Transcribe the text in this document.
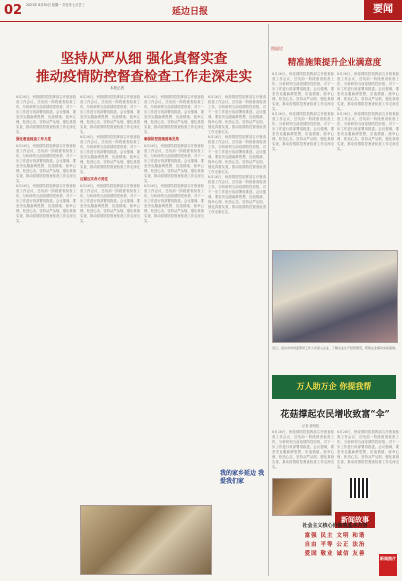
02 2021年 8月30日 星期一 辛丑年七月廿三
延边日报	要闻
坚持从严从细 强化真督实查
推动疫情防控督查检查工作走深走实
本报记者
8月26日，州疫情防控指挥部召开督查检查工作会议，总结前一阶段督查检查工作，分析研判当前疫情防控形势，对下一步工作进行再部署再推进。会议强调，要坚决克服麻痹思想、厌战情绪、侥幸心理、松劲心态，坚持从严从细，强化真督实查，推动疫情防控督查检查工作走深走实。
强化督查检查工作力度
8月26日，州疫情防控指挥部召开督查检查工作会议，总结前一阶段督查检查工作，分析研判当前疫情防控形势，对下一步工作进行再部署再推进。会议强调，要坚决克服麻痹思想、厌战情绪、侥幸心理、松劲心态，坚持从严从细，强化真督实查，推动疫情防控督查检查工作走深走实。
8月26日，州疫情防控指挥部召开督查检查工作会议，总结前一阶段督查检查工作，分析研判当前疫情防控形势，对下一步工作进行再部署再推进。会议强调，要坚决克服麻痹思想、厌战情绪、侥幸心理、松劲心态，坚持从严从细，强化真督实查，推动疫情防控督查检查工作走深走实。
8月26日，州疫情防控指挥部召开督查检查工作会议，总结前一阶段督查检查工作，分析研判当前疫情防控形势，对下一步工作进行再部署再推进。会议强调，要坚决克服麻痹思想、厌战情绪、侥幸心理、松劲心态，坚持从严从细，强化真督实查，推动疫情防控督查检查工作走深走实。
8月26日，州疫情防控指挥部召开督查检查工作会议，总结前一阶段督查检查工作，分析研判当前疫情防控形势，对下一步工作进行再部署再推进。会议强调，要坚决克服麻痹思想、厌战情绪、侥幸心理、松劲心态，坚持从严从细，强化真督实查，推动疫情防控督查检查工作走深走实。
压紧压实各方责任
8月26日，州疫情防控指挥部召开督查检查工作会议，总结前一阶段督查检查工作，分析研判当前疫情防控形势，对下一步工作进行再部署再推进。会议强调，要坚决克服麻痹思想、厌战情绪、侥幸心理、松劲心态，坚持从严从细，强化真督实查，推动疫情防控督查检查工作走深走实。
8月26日，州疫情防控指挥部召开督查检查工作会议，总结前一阶段督查检查工作，分析研判当前疫情防控形势，对下一步工作进行再部署再推进。会议强调，要坚决克服麻痹思想、厌战情绪、侥幸心理、松劲心态，坚持从严从细，强化真督实查，推动疫情防控督查检查工作走深走实。
确保防控措施落地见效
8月26日，州疫情防控指挥部召开督查检查工作会议，总结前一阶段督查检查工作，分析研判当前疫情防控形势，对下一步工作进行再部署再推进。会议强调，要坚决克服麻痹思想、厌战情绪、侥幸心理、松劲心态，坚持从严从细，强化真督实查，推动疫情防控督查检查工作走深走实。
8月26日，州疫情防控指挥部召开督查检查工作会议，总结前一阶段督查检查工作，分析研判当前疫情防控形势，对下一步工作进行再部署再推进。会议强调，要坚决克服麻痹思想、厌战情绪、侥幸心理、松劲心态，坚持从严从细，强化真督实查，推动疫情防控督查检查工作走深走实。
8月26日，州疫情防控指挥部召开督查检查工作会议，总结前一阶段督查检查工作，分析研判当前疫情防控形势，对下一步工作进行再部署再推进。会议强调，要坚决克服麻痹思想、厌战情绪、侥幸心理、松劲心态，坚持从严从细，强化真督实查，推动疫情防控督查检查工作走深走实。
8月26日，州疫情防控指挥部召开督查检查工作会议，总结前一阶段督查检查工作，分析研判当前疫情防控形势，对下一步工作进行再部署再推进。会议强调，要坚决克服麻痹思想、厌战情绪、侥幸心理、松劲心态，坚持从严从细，强化真督实查，推动疫情防控督查检查工作走深走实。
8月26日，州疫情防控指挥部召开督查检查工作会议，总结前一阶段督查检查工作，分析研判当前疫情防控形势，对下一步工作进行再部署再推进。会议强调，要坚决克服麻痹思想、厌战情绪、侥幸心理、松劲心态，坚持从严从细，强化真督实查，推动疫情防控督查检查工作走深走实。
我的家乡延边 我爱我们家
图说话
精准施策提升企业满意度
8月26日，州疫情防控指挥部召开督查检查工作会议，总结前一阶段督查检查工作，分析研判当前疫情防控形势，对下一步工作进行再部署再推进。会议强调，要坚决克服麻痹思想、厌战情绪、侥幸心理、松劲心态，坚持从严从细，强化真督实查，推动疫情防控督查检查工作走深走实。
8月26日，州疫情防控指挥部召开督查检查工作会议，总结前一阶段督查检查工作，分析研判当前疫情防控形势，对下一步工作进行再部署再推进。会议强调，要坚决克服麻痹思想、厌战情绪、侥幸心理、松劲心态，坚持从严从细，强化真督实查，推动疫情防控督查检查工作走深走实。
8月26日，州疫情防控指挥部召开督查检查工作会议，总结前一阶段督查检查工作，分析研判当前疫情防控形势，对下一步工作进行再部署再推进。会议强调，要坚决克服麻痹思想、厌战情绪、侥幸心理、松劲心态，坚持从严从细，强化真督实查，推动疫情防控督查检查工作走深走实。
8月26日，州疫情防控指挥部召开督查检查工作会议，总结前一阶段督查检查工作，分析研判当前疫情防控形势，对下一步工作进行再部署再推进。会议强调，要坚决克服麻痹思想、厌战情绪、侥幸心理、松劲心态，坚持从严从细，强化真督实查，推动疫情防控督查检查工作走深走实。
近日，延吉市市场监管局工作人员深入企业，了解企业生产经营情况，帮助企业解决实际困难。
万人助万企 你提我帮
花菇撑起农民增收致富“伞”
记者 姜明旭
8月26日，州疫情防控指挥部召开督查检查工作会议，总结前一阶段督查检查工作，分析研判当前疫情防控形势，对下一步工作进行再部署再推进。会议强调，要坚决克服麻痹思想、厌战情绪、侥幸心理、松劲心态，坚持从严从细，强化真督实查，推动疫情防控督查检查工作走深走实。
8月26日，州疫情防控指挥部召开督查检查工作会议，总结前一阶段督查检查工作，分析研判当前疫情防控形势，对下一步工作进行再部署再推进。会议强调，要坚决克服麻痹思想、厌战情绪、侥幸心理、松劲心态，坚持从严从细，强化真督实查，推动疫情防控督查检查工作走深走实。
新闻故事
社会主义核心价值观基本内容
富强 民主 文明 和谐
自由 平等 公正 法治
爱国 敬业 诚信 友善
新闻图片
